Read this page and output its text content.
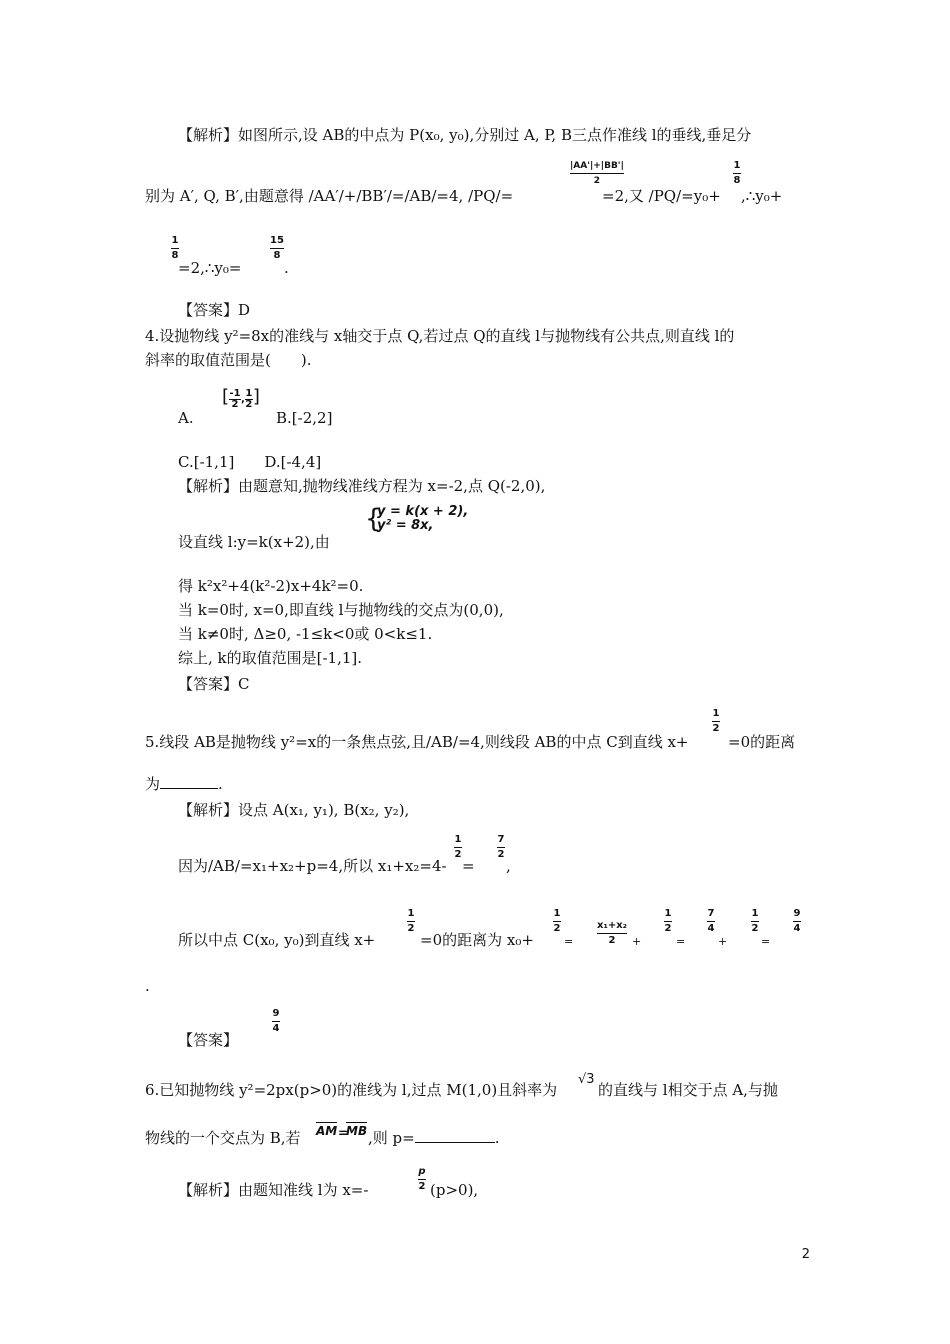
【解析】如图所示,设 AB的中点为 P(x₀, y₀),分别过 A, P, B三点作准线 l的垂线,垂足分
|AA'|+|BB'|
2
1
8
别为 A′, Q, B′,由题意得 /AA′/+/BB′/=/AB/=4, /PQ/=	=2,又 /PQ/=y₀+ ,∴y₀+
1
8
15
8
=2,∴y₀=	.
【答案】D
4.设抛物线 y²=8x的准线与 x轴交于点 Q,若过点 Q的直线 l与抛物线有公共点,则直线 l的
斜率的取值范围是(　　).
[-1
2 ,1
2]
A.	B.[-2,2]
C.[-1,1]　　D.[-4,4]
【解析】由题意知,抛物线准线方程为 x=-2,点 Q(-2,0),
{
y = k(x + 2),
y² = 8x,
设直线 l:y=k(x+2),由
得 k²x²+4(k²-2)x+4k²=0.
当 k=0时, x=0,即直线 l与抛物线的交点为(0,0),
当 k≠0时, Δ≥0, -1≤k<0或 0<k≤1.
综上, k的取值范围是[-1,1].
【答案】C
1
2
5.线段 AB是抛物线 y²=x的一条焦点弦,且/AB/=4,则线段 AB的中点 C到直线 x+	=0的距离
为	.
【解析】设点 A(x₁, y₁), B(x₂, y₂),
1
2
7
2
因为/AB/=x₁+x₂+p=4,所以 x₁+x₂=4- = ,
1
2
1
2	x₁+x₂
2
1
2
7
4
1
2
9
4
所以中点 C(x₀, y₀)到直线 x+	=0的距离为 x₀+	=	+	=	+	=
.
9
4
【答案】
6.已知抛物线 y²=2px(p>0)的准线为 l,过点 M(1,0)且斜率为
√3
的直线与 l相交于点 A,与抛
物线的一个交点为 B,若 AM =
MB ,则 p=	.
p
2
【解析】由题知准线 l为 x=-	(p>0),
2
